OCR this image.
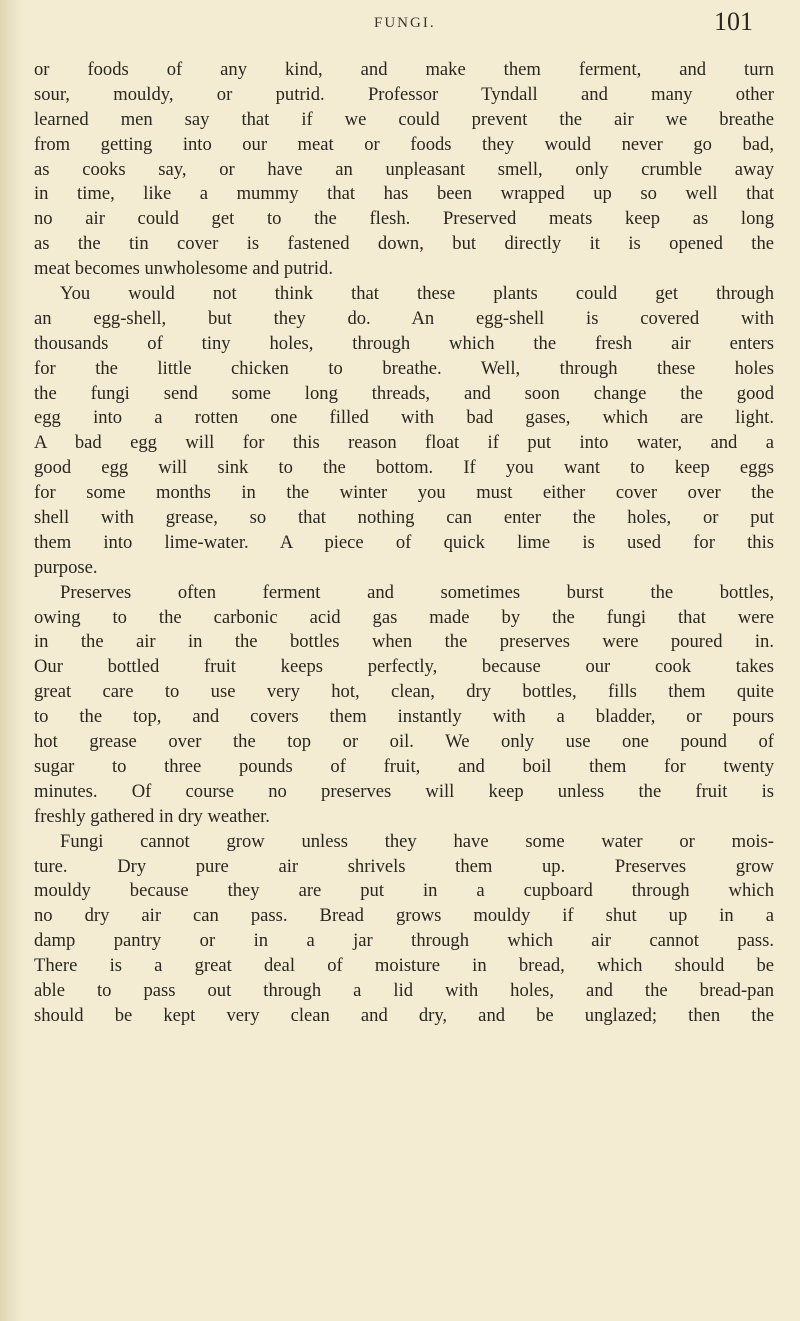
FUNGI.	101
or foods of any kind, and make them ferment, and turn
sour, mouldy, or putrid. Professor Tyndall and many other
learned men say that if we could prevent the air we breathe
from getting into our meat or foods they would never go bad,
as cooks say, or have an unpleasant smell, only crumble away
in time, like a mummy that has been wrapped up so well that
no air could get to the flesh. Preserved meats keep as long
as the tin cover is fastened down, but directly it is opened the
meat becomes unwholesome and putrid.
You would not think that these plants could get through
an egg-shell, but they do. An egg-shell is covered with
thousands of tiny holes, through which the fresh air enters
for the little chicken to breathe. Well, through these holes
the fungi send some long threads, and soon change the good
egg into a rotten one filled with bad gases, which are light.
A bad egg will for this reason float if put into water, and a
good egg will sink to the bottom. If you want to keep eggs
for some months in the winter you must either cover over the
shell with grease, so that nothing can enter the holes, or put
them into lime-water. A piece of quick lime is used for this
purpose.
Preserves often ferment and sometimes burst the bottles,
owing to the carbonic acid gas made by the fungi that were
in the air in the bottles when the preserves were poured in.
Our bottled fruit keeps perfectly, because our cook takes
great care to use very hot, clean, dry bottles, fills them quite
to the top, and covers them instantly with a bladder, or pours
hot grease over the top or oil. We only use one pound of
sugar to three pounds of fruit, and boil them for twenty
minutes. Of course no preserves will keep unless the fruit is
freshly gathered in dry weather.
Fungi cannot grow unless they have some water or mois-
ture. Dry pure air shrivels them up. Preserves grow
mouldy because they are put in a cupboard through which
no dry air can pass. Bread grows mouldy if shut up in a
damp pantry or in a jar through which air cannot pass.
There is a great deal of moisture in bread, which should be
able to pass out through a lid with holes, and the bread-pan
should be kept very clean and dry, and be unglazed; then the
